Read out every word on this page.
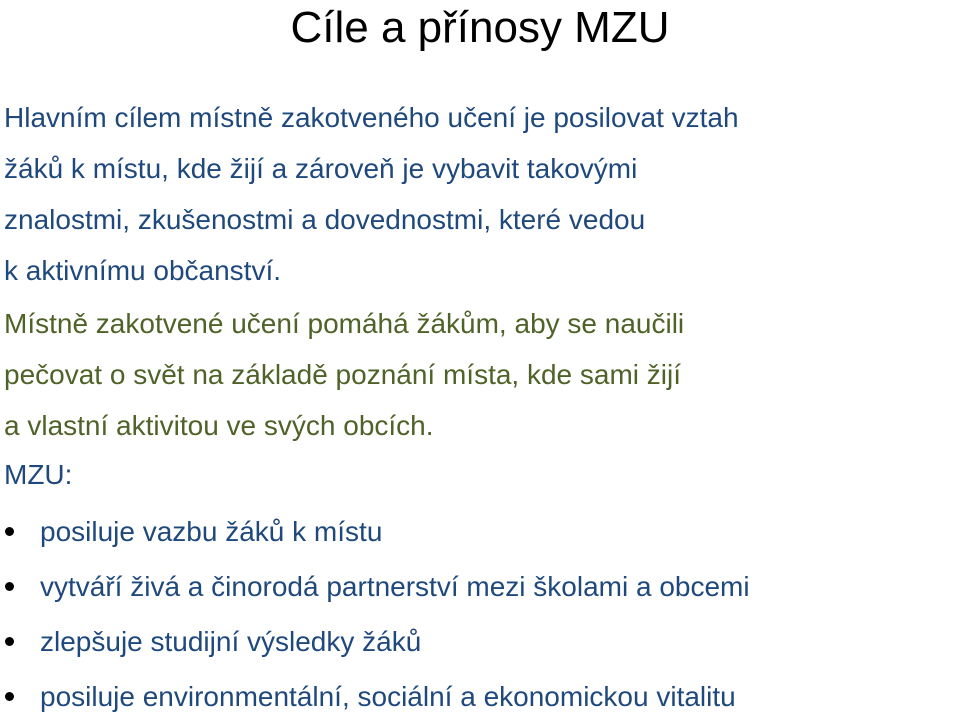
Cíle a přínosy MZU

Hlavním cílem místně zakotveného učení je posilovat vztah
žáků k místu, kde žijí a zároveň je vybavit takovými
znalostmi, zkušenostmi a dovednostmi, které vedou
k aktivnímu občanství.

Místně zakotvené učení pomáhá žákům, aby se naučili
pečovat o svět na základě poznání místa, kde sami žijí
a vlastní aktivitou ve svých obcích.

MZU:

posiluje vazbu žáků k místu
vytváří živá a činorodá partnerství mezi školami a obcemi
zlepšuje studijní výsledky žáků
posiluje environmentální, sociální a ekonomickou vitalitu
